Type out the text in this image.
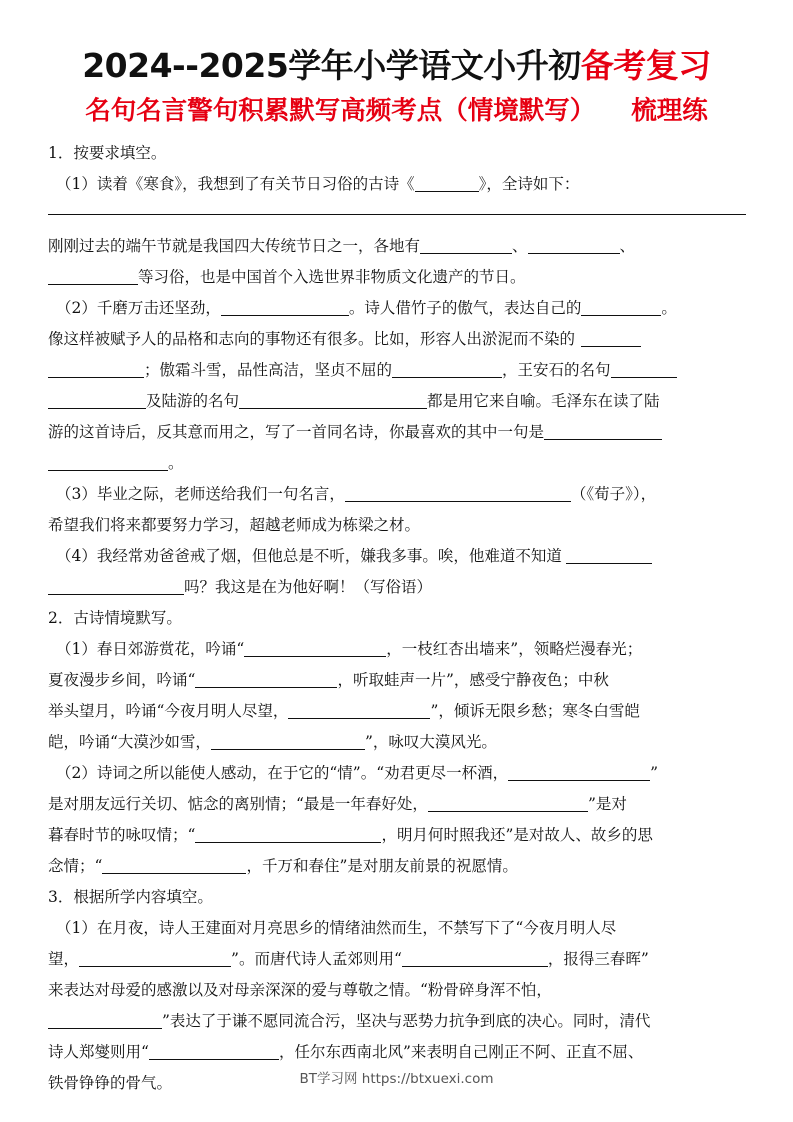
2024--2025学年小学语文小升初备考复习
名句名言警句积累默写高频考点（情境默写） 梳理练
1．按要求填空。
（1）读着《寒食》，我想到了有关节日习俗的古诗《	》，全诗如下：
刚刚过去的端午节就是我国四大传统节日之一，各地有	、	、
等习俗，也是中国首个入选世界非物质文化遗产的节日。
（2）千磨万击还坚劲，	。诗人借竹子的傲气，表达自己的	。
像这样被赋予人的品格和志向的事物还有很多。比如，形容人出淤泥而不染的
；傲霜斗雪，品性高洁，坚贞不屈的	，王安石的名句
及陆游的名句	都是用它来自喻。毛泽东在读了陆
游的这首诗后，反其意而用之，写了一首同名诗，你最喜欢的其中一句是
。
（3）毕业之际，老师送给我们一句名言，	（《荀子》），
希望我们将来都要努力学习，超越老师成为栋梁之材。
（4）我经常劝爸爸戒了烟，但他总是不听，嫌我多事。唉，他难道不知道
吗？我这是在为他好啊！（写俗语）
2．古诗情境默写。
（1）春日郊游赏花，吟诵“	，一枝红杏出墙来”，领略烂漫春光；
夏夜漫步乡间，吟诵“	，听取蛙声一片”，感受宁静夜色；中秋
举头望月，吟诵“今夜月明人尽望，	”，倾诉无限乡愁；寒冬白雪皑
皑，吟诵“大漠沙如雪，	”，咏叹大漠风光。
（2）诗词之所以能使人感动，在于它的“情”。“劝君更尽一杯酒，	”
是对朋友远行关切、惦念的离别情；“最是一年春好处，	”是对
暮春时节的咏叹情；“	，明月何时照我还”是对故人、故乡的思
念情；“	，千万和春住”是对朋友前景的祝愿情。
3．根据所学内容填空。
（1）在月夜，诗人王建面对月亮思乡的情绪油然而生，不禁写下了“今夜月明人尽
望，	”。而唐代诗人孟郊则用“	，报得三春晖”
来表达对母爱的感激以及对母亲深深的爱与尊敬之情。“粉骨碎身浑不怕，
”表达了于谦不愿同流合污，坚决与恶势力抗争到底的决心。同时，清代
诗人郑燮则用“	，任尔东西南北风”来表明自己刚正不阿、正直不屈、
铁骨铮铮的骨气。	BT学习网 https://btxuexi.com
